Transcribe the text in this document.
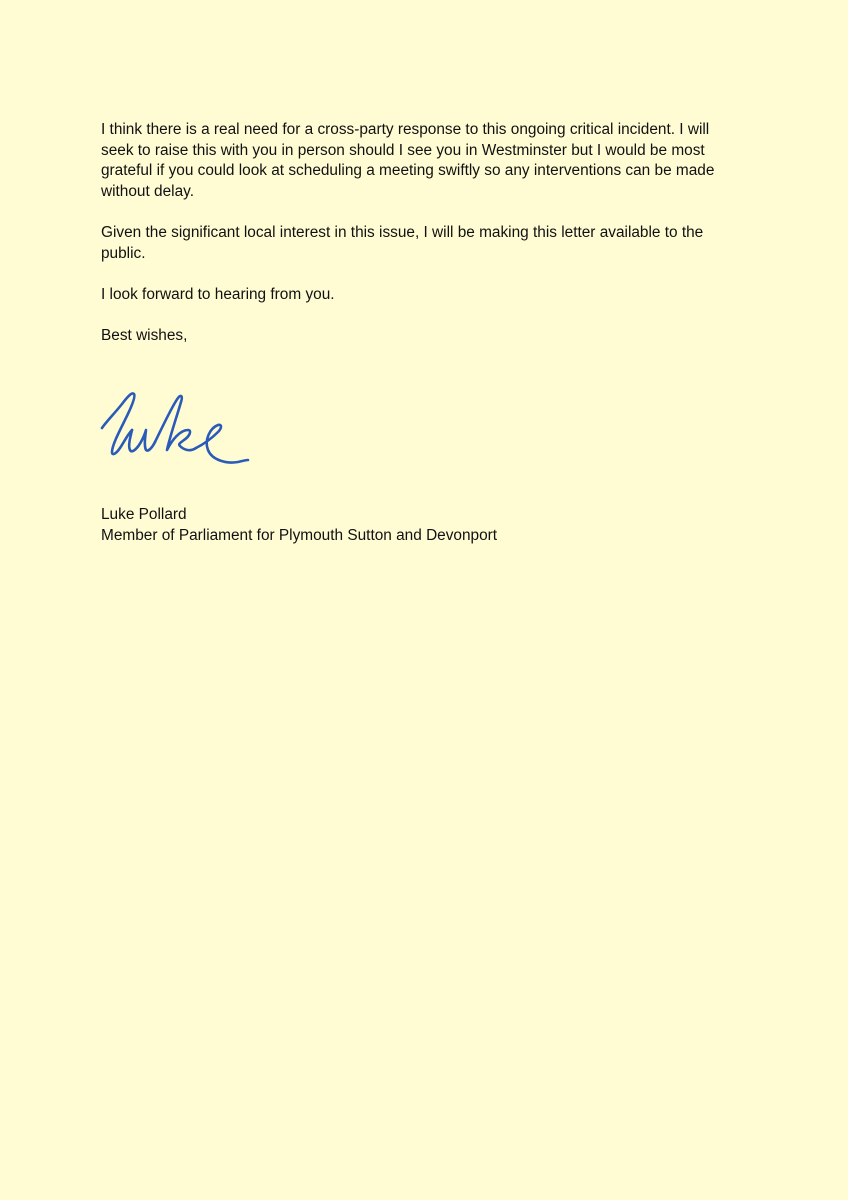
I think there is a real need for a cross-party response to this ongoing critical incident. I will
seek to raise this with you in person should I see you in Westminster but I would be most
grateful if you could look at scheduling a meeting swiftly so any interventions can be made
without delay.

Given the significant local interest in this issue, I will be making this letter available to the
public.

I look forward to hearing from you.

Best wishes,

Luke Pollard
Member of Parliament for Plymouth Sutton and Devonport
